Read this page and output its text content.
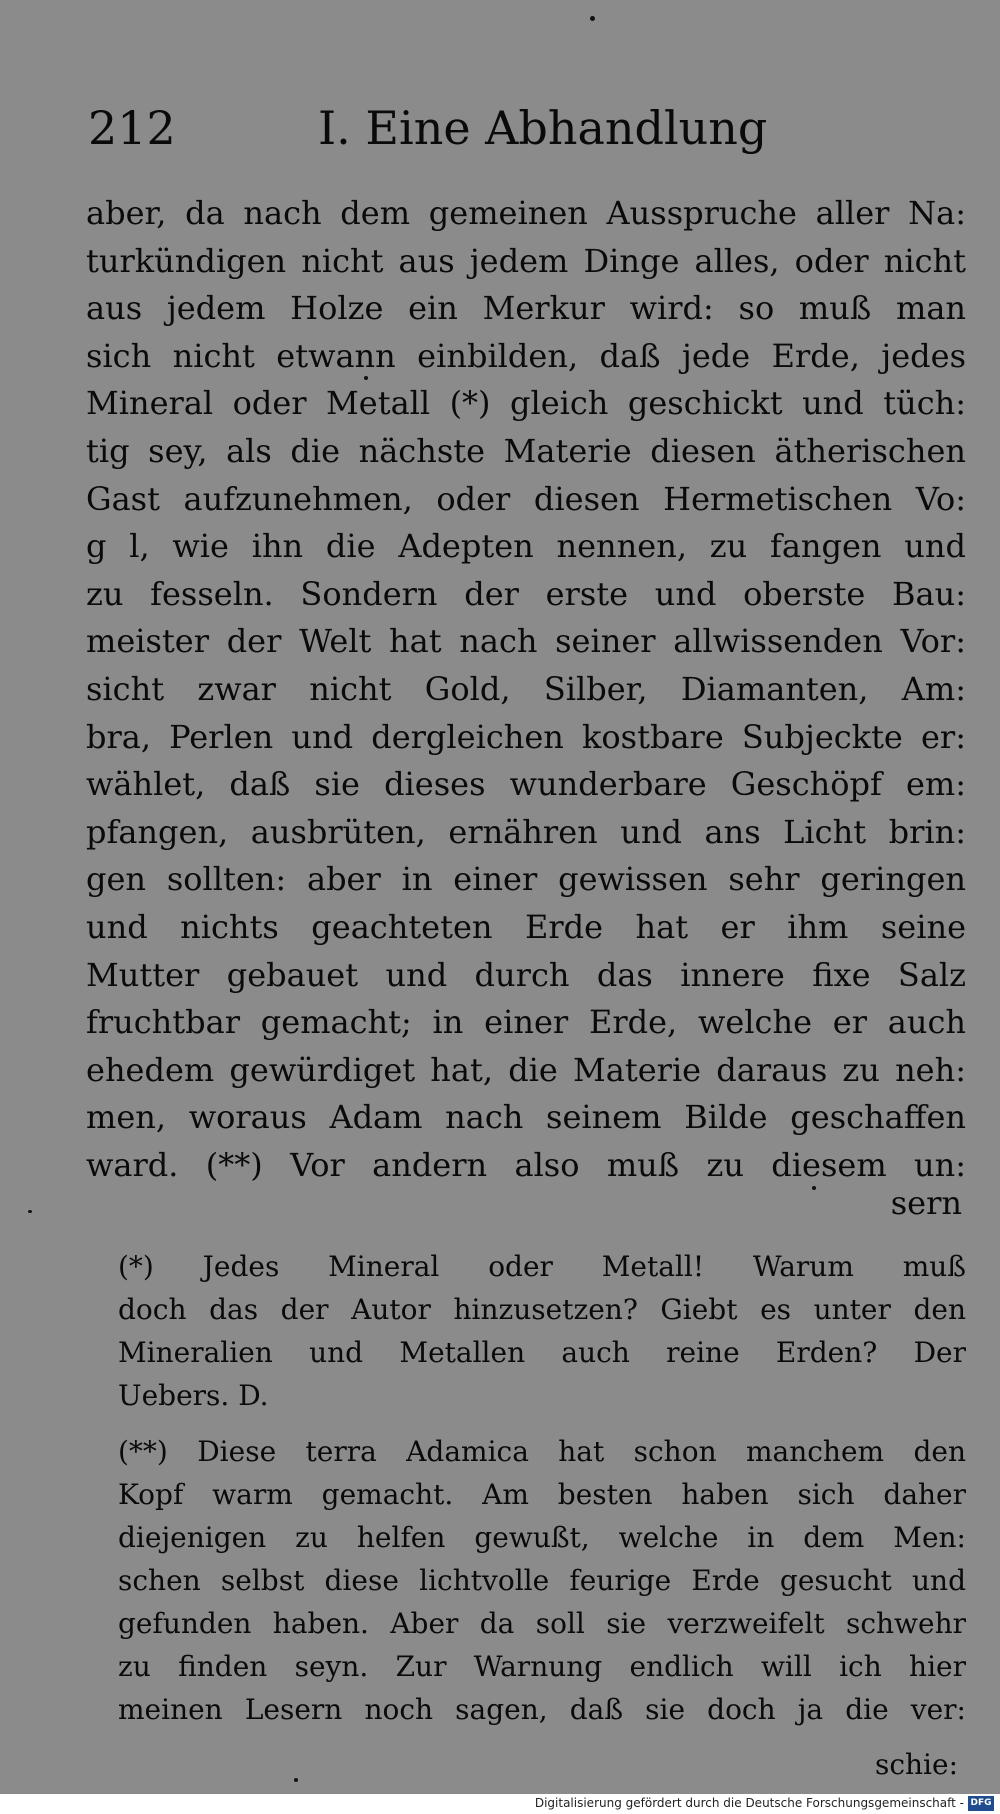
212	I. Eine Abhandlung
aber, da nach dem gemeinen Ausspruche aller Na:
turkündigen nicht aus jedem Dinge alles, oder nicht
aus jedem Holze ein Merkur wird: so muß man
sich nicht etwann einbilden, daß jede Erde, jedes
Mineral oder Metall (*) gleich geschickt und tüch:
tig sey, als die nächste Materie diesen ätherischen
Gast aufzunehmen, oder diesen Hermetischen Vo:
g l, wie ihn die Adepten nennen, zu fangen und
zu fesseln. Sondern der erste und oberste Bau:
meister der Welt hat nach seiner allwissenden Vor:
sicht zwar nicht Gold, Silber, Diamanten, Am:
bra, Perlen und dergleichen kostbare Subjeckte er:
wählet, daß sie dieses wunderbare Geschöpf em:
pfangen, ausbrüten, ernähren und ans Licht brin:
gen sollten: aber in einer gewissen sehr geringen
und nichts geachteten Erde hat er ihm seine
Mutter gebauet und durch das innere fixe Salz
fruchtbar gemacht; in einer Erde, welche er auch
ehedem gewürdiget hat, die Materie daraus zu neh:
men, woraus Adam nach seinem Bilde geschaffen
ward. (**) Vor andern also muß zu diesem un:
sern
(*) Jedes Mineral oder Metall! Warum muß
doch das der Autor hinzusetzen? Giebt es unter den
Mineralien und Metallen auch reine Erden? Der
Uebers. D.
(**) Diese terra Adamica hat schon manchem den
Kopf warm gemacht. Am besten haben sich daher
diejenigen zu helfen gewußt, welche in dem Men:
schen selbst diese lichtvolle feurige Erde gesucht und
gefunden haben. Aber da soll sie verzweifelt schwehr
zu finden seyn. Zur Warnung endlich will ich hier
meinen Lesern noch sagen, daß sie doch ja die ver:
schie:
Digitalisierung gefördert durch die Deutsche Forschungsgemeinschaft - DFG
